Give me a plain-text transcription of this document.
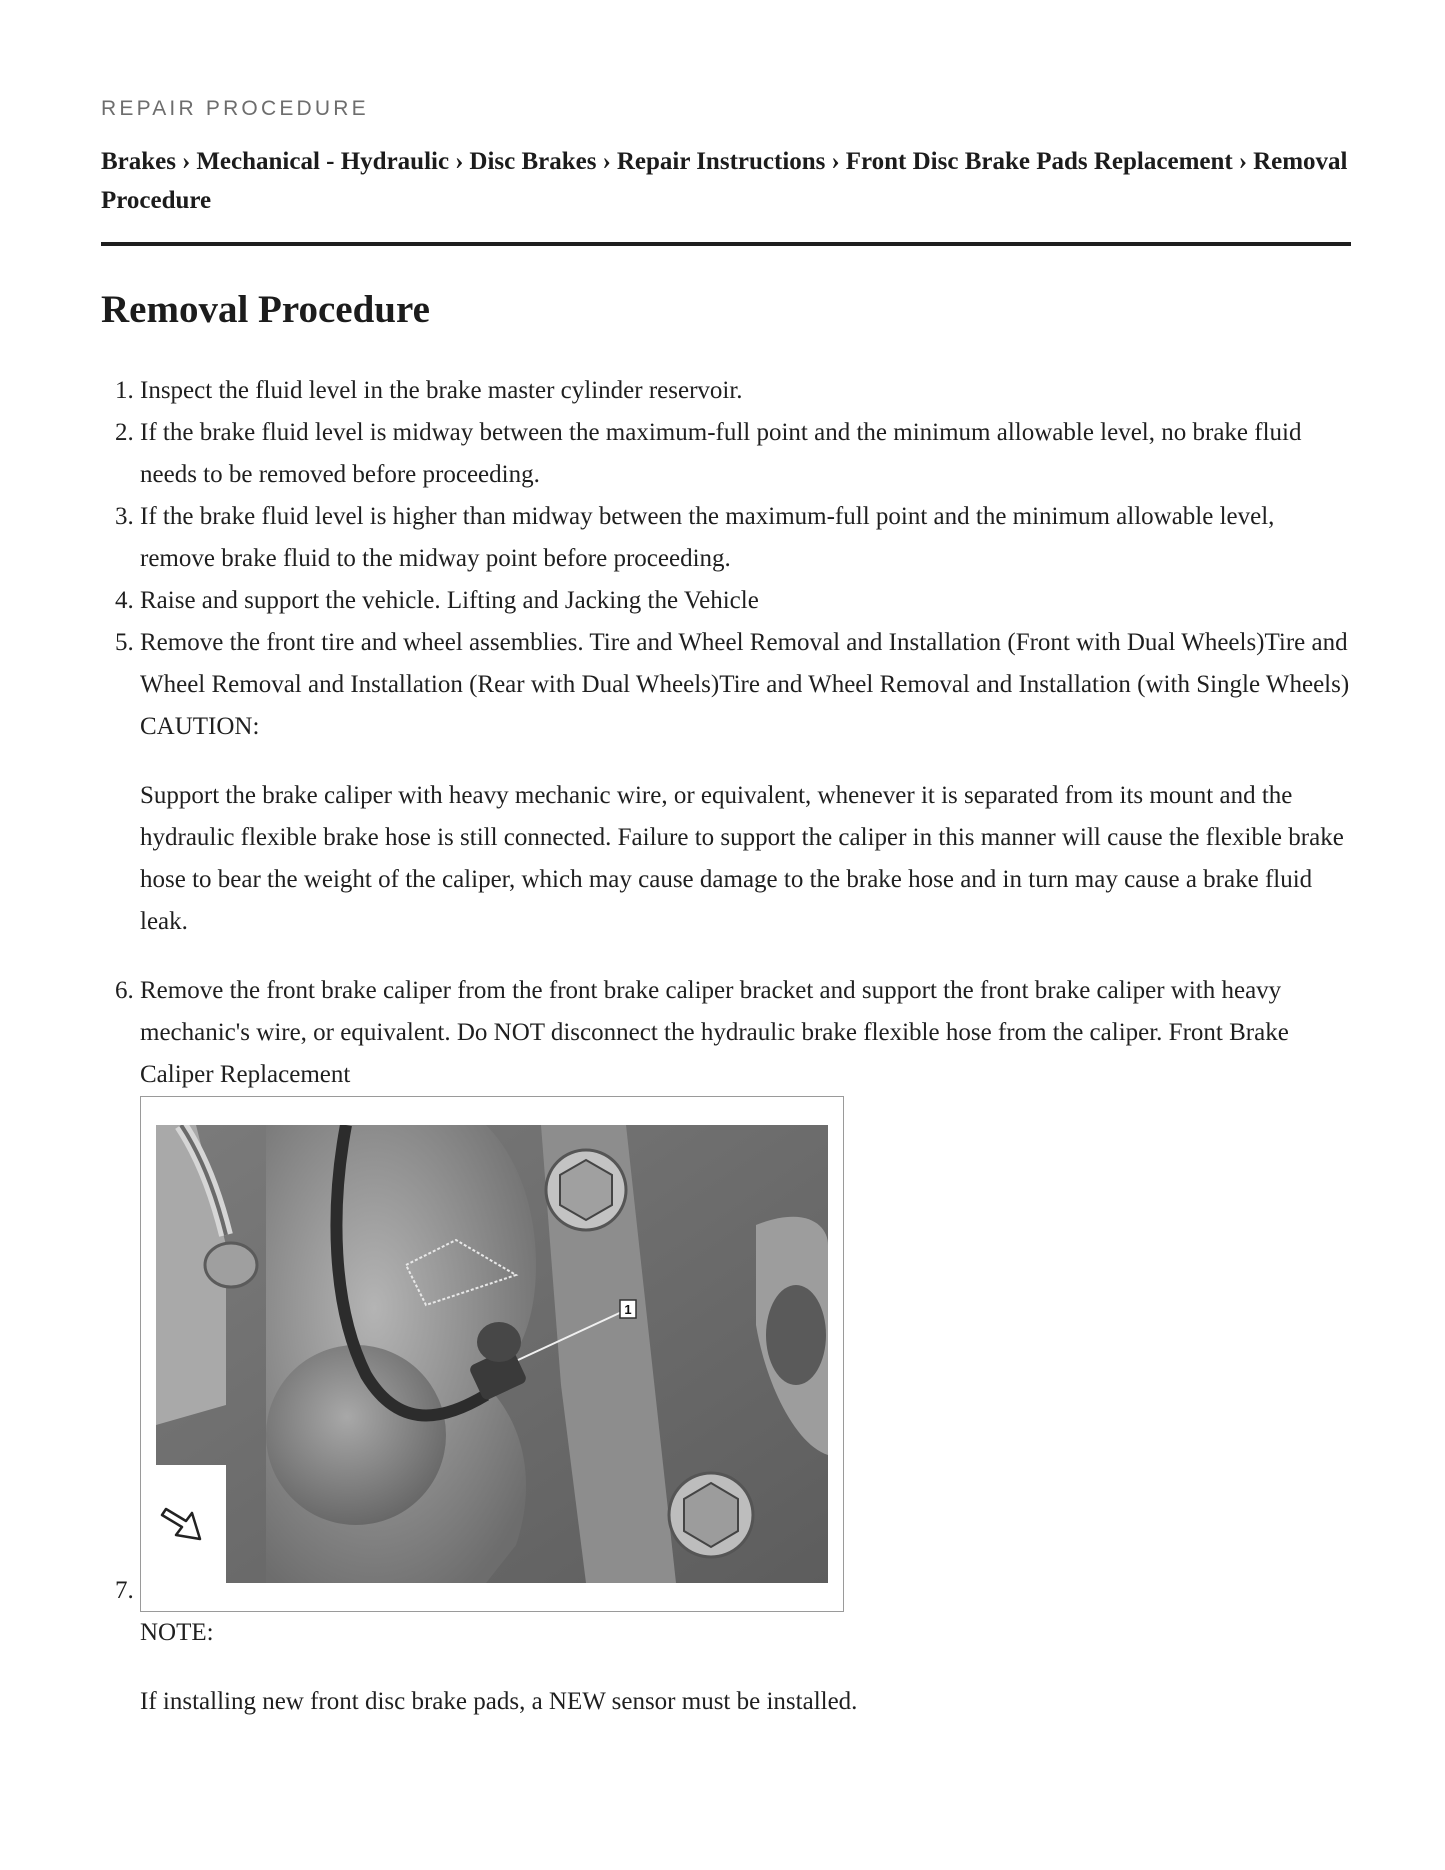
REPAIR PROCEDURE

Brakes › Mechanical - Hydraulic › Disc Brakes › Repair Instructions › Front Disc Brake Pads Replacement › Removal Procedure

Removal Procedure
1. Inspect the fluid level in the brake master cylinder reservoir.
2. If the brake fluid level is midway between the maximum-full point and the minimum allowable level, no brake fluid needs to be removed before proceeding.
3. If the brake fluid level is higher than midway between the maximum-full point and the minimum allowable level, remove brake fluid to the midway point before proceeding.
4. Raise and support the vehicle. Lifting and Jacking the Vehicle
5. Remove the front tire and wheel assemblies. Tire and Wheel Removal and Installation (Front with Dual Wheels)Tire and Wheel Removal and Installation (Rear with Dual Wheels)Tire and Wheel Removal and Installation (with Single Wheels)
CAUTION:
Support the brake caliper with heavy mechanic wire, or equivalent, whenever it is separated from its mount and the hydraulic flexible brake hose is still connected. Failure to support the caliper in this manner will cause the flexible brake hose to bear the weight of the caliper, which may cause damage to the brake hose and in turn may cause a brake fluid leak.
6. Remove the front brake caliper from the front brake caliper bracket and support the front brake caliper with heavy mechanic's wire, or equivalent. Do NOT disconnect the hydraulic brake flexible hose from the caliper. Front Brake Caliper Replacement
7. 1
NOTE:
If installing new front disc brake pads, a NEW sensor must be installed.
